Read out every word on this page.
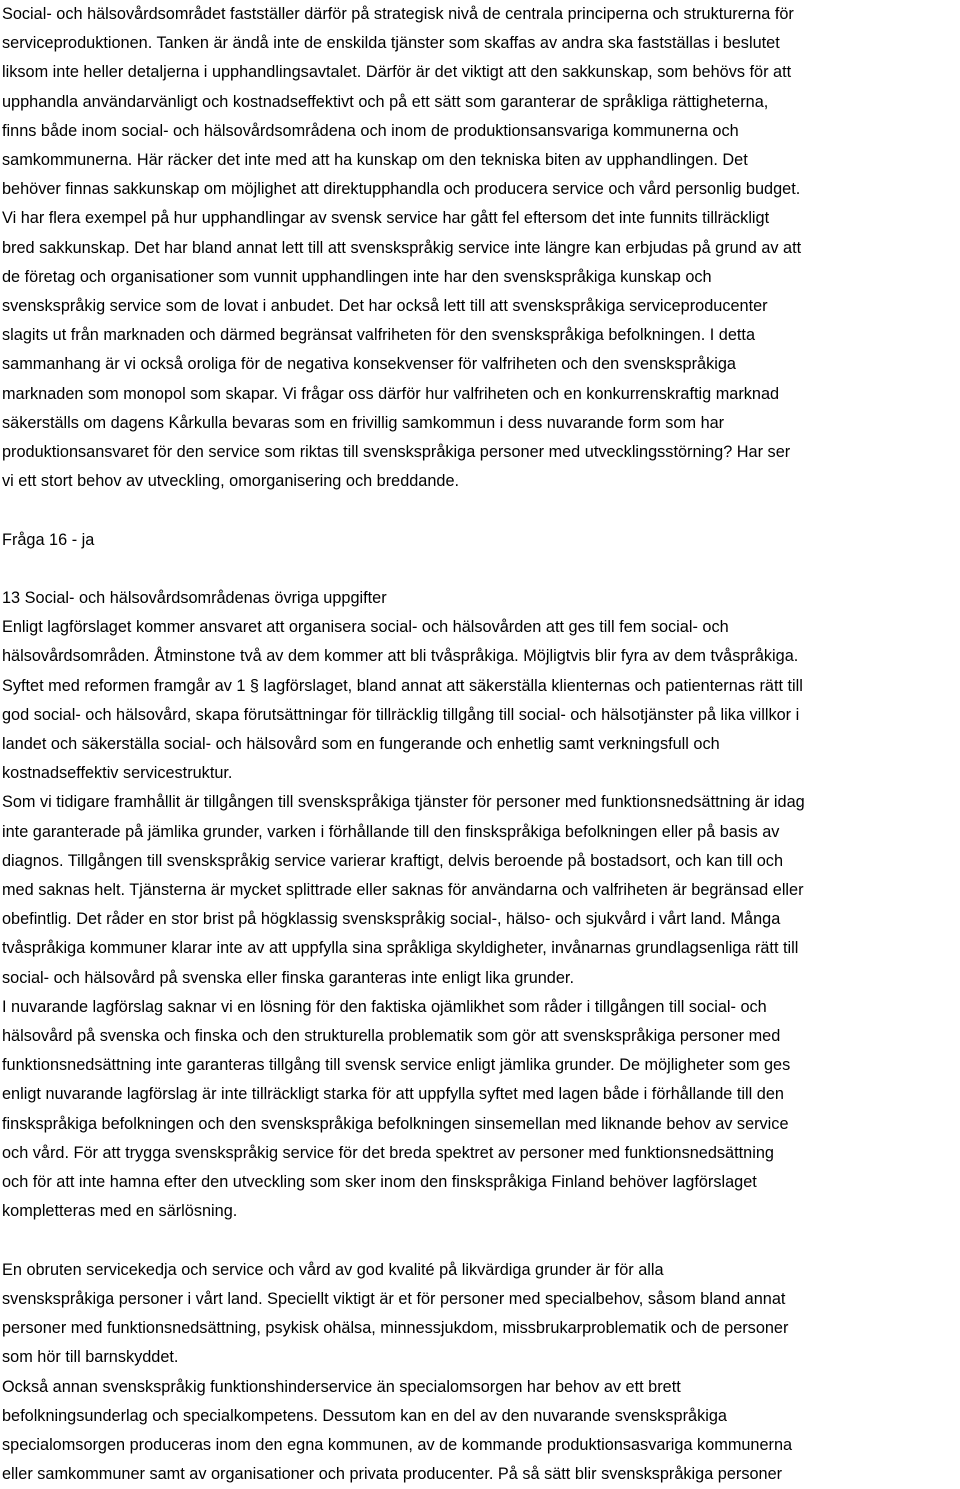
Social- och hälsovårdsområdet fastställer därför på strategisk nivå de centrala principerna och strukturerna för
serviceproduktionen. Tanken är ändå inte de enskilda tjänster som skaffas av andra ska fastställas i beslutet
liksom inte heller detaljerna i upphandlingsavtalet. Därför är det viktigt att den sakkunskap, som behövs för att
upphandla användarvänligt och kostnadseffektivt och på ett sätt som garanterar de språkliga rättigheterna,
finns både inom social- och hälsovårdsområdena och inom de produktionsansvariga kommunerna och
samkommunerna. Här räcker det inte med att ha kunskap om den tekniska biten av upphandlingen. Det
behöver finnas sakkunskap om möjlighet att direktupphandla och producera service och vård personlig budget.
Vi har flera exempel på hur upphandlingar av svensk service har gått fel eftersom det inte funnits tillräckligt
bred sakkunskap. Det har bland annat lett till att svenskspråkig service inte längre kan erbjudas på grund av att
de företag och organisationer som vunnit upphandlingen inte har den svenskspråkiga kunskap och
svenskspråkig service som de lovat i anbudet. Det har också lett till att svenskspråkiga serviceproducenter
slagits ut från marknaden och därmed begränsat valfriheten för den svenskspråkiga befolkningen. I detta
sammanhang är vi också oroliga för de negativa konsekvenser för valfriheten och den svenskspråkiga
marknaden som monopol som skapar. Vi frågar oss därför hur valfriheten och en konkurrenskraftig marknad
säkerställs om dagens Kårkulla bevaras som en frivillig samkommun i dess nuvarande form som har
produktionsansvaret för den service som riktas till svenskspråkiga personer med utvecklingsstörning? Har ser
vi ett stort behov av utveckling, omorganisering och breddande.
Fråga 16 - ja
13 Social- och hälsovårdsområdenas övriga uppgifter
Enligt lagförslaget kommer ansvaret att organisera social- och hälsovården att ges till fem social- och
hälsovårdsområden. Åtminstone två av dem kommer att bli tvåspråkiga. Möjligtvis blir fyra av dem tvåspråkiga.
Syftet med reformen framgår av 1 § lagförslaget, bland annat att säkerställa klienternas och patienternas rätt till
god social- och hälsovård, skapa förutsättningar för tillräcklig tillgång till social- och hälsotjänster på lika villkor i
landet och säkerställa social- och hälsovård som en fungerande och enhetlig samt verkningsfull och
kostnadseffektiv servicestruktur.
Som vi tidigare framhållit är tillgången till svenskspråkiga tjänster för personer med funktionsnedsättning är idag
inte garanterade på jämlika grunder, varken i förhållande till den finskspråkiga befolkningen eller på basis av
diagnos. Tillgången till svenskspråkig service varierar kraftigt, delvis beroende på bostadsort, och kan till och
med saknas helt. Tjänsterna är mycket splittrade eller saknas för användarna och valfriheten är begränsad eller
obefintlig. Det råder en stor brist på högklassig svenskspråkig social-, hälso- och sjukvård i vårt land. Många
tvåspråkiga kommuner klarar inte av att uppfylla sina språkliga skyldigheter, invånarnas grundlagsenliga rätt till
social- och hälsovård på svenska eller finska garanteras inte enligt lika grunder.
I nuvarande lagförslag saknar vi en lösning för den faktiska ojämlikhet som råder i tillgången till social- och
hälsovård på svenska och finska och den strukturella problematik som gör att svenskspråkiga personer med
funktionsnedsättning inte garanteras tillgång till svensk service enligt jämlika grunder. De möjligheter som ges
enligt nuvarande lagförslag är inte tillräckligt starka för att uppfylla syftet med lagen både i förhållande till den
finskspråkiga befolkningen och den svenskspråkiga befolkningen sinsemellan med liknande behov av service
och vård. För att trygga svenskspråkig service för det breda spektret av personer med funktionsnedsättning
och för att inte hamna efter den utveckling som sker inom den finskspråkiga Finland behöver lagförslaget
kompletteras med en särlösning.
En obruten servicekedja och service och vård av god kvalité på likvärdiga grunder är för alla
svenskspråkiga personer i vårt land. Speciellt viktigt är et för personer med specialbehov, såsom bland annat
personer med funktionsnedsättning, psykisk ohälsa, minnessjukdom, missbrukarproblematik och de personer
som hör till barnskyddet.
Också annan svenskspråkig funktionshinderservice än specialomsorgen har behov av ett brett
befolkningsunderlag och specialkompetens. Dessutom kan en del av den nuvarande svenskspråkiga
specialomsorgen produceras inom den egna kommunen, av de kommande produktionsasvariga kommunerna
eller samkommuner samt av organisationer och privata producenter. På så sätt blir svenskspråkiga personer
